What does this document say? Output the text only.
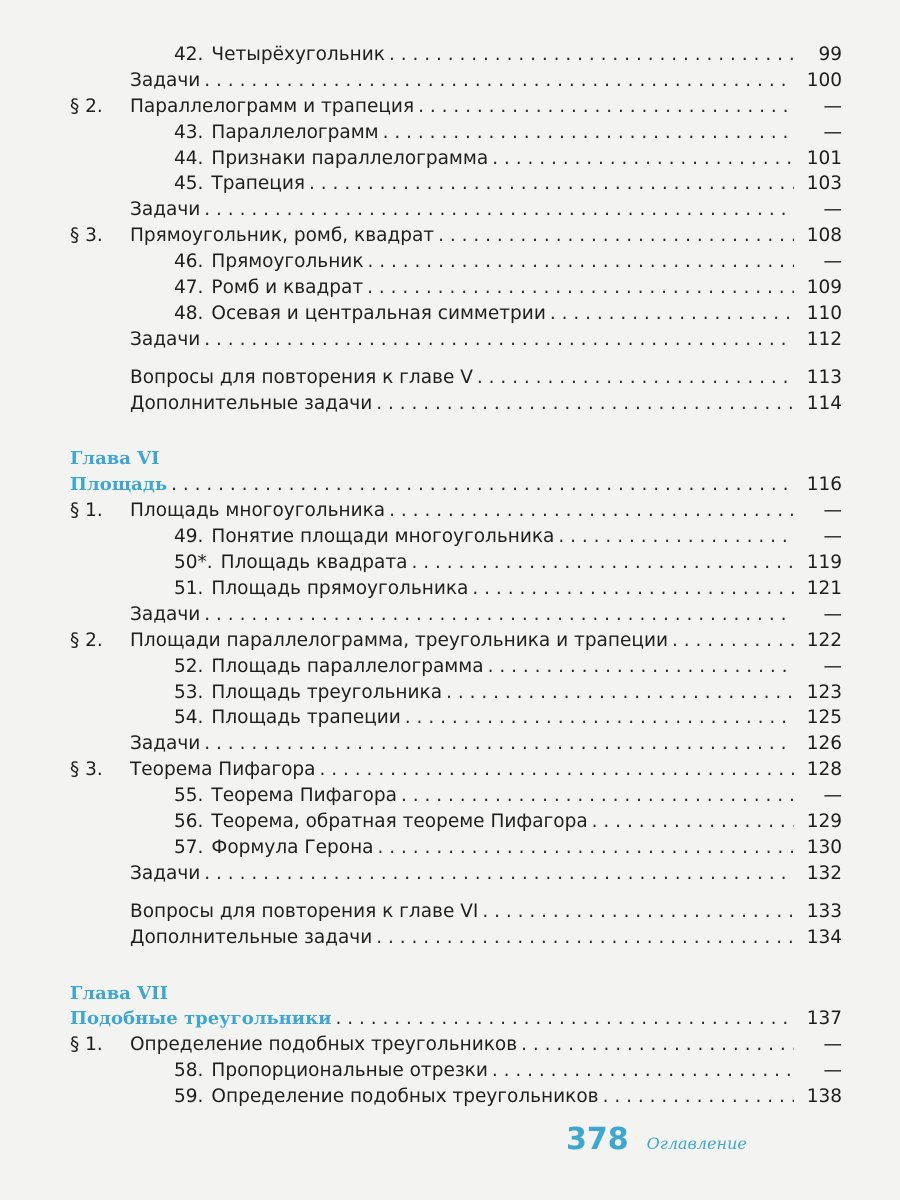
42. Четырёхугольник . . .	99
Задачи . . .	100
§ 2.	Параллелограмм и трапеция . . .	—
43. Параллелограмм . . .	—
44. Признаки параллелограмма . . .	101
45. Трапеция . . .	103
Задачи . . .	—
§ 3.	Прямоугольник, ромб, квадрат . . .	108
46. Прямоугольник . . .	—
47. Ромб и квадрат . . .	109
48. Осевая и центральная симметрии . . .	110
Задачи . . .	112
Вопросы для повторения к главе V . . .	113
Дополнительные задачи . . .	114
Глава VI
Площадь . . .	116
§ 1.	Площадь многоугольника . . .	—
49. Понятие площади многоугольника . . .	—
50*. Площадь квадрата . . .	119
51. Площадь прямоугольника . . .	121
Задачи . . .	—
§ 2.	Площади параллелограмма, треугольника и трапеции . . .	122
52. Площадь параллелограмма . . .	—
53. Площадь треугольника . . .	123
54. Площадь трапеции . . .	125
Задачи . . .	126
§ 3.	Теорема Пифагора . . .	128
55. Теорема Пифагора . . .	—
56. Теорема, обратная теореме Пифагора . . .	129
57. Формула Герона . . .	130
Задачи . . .	132
Вопросы для повторения к главе VI . . .	133
Дополнительные задачи . . .	134
Глава VII
Подобные треугольники . . .	137
§ 1.	Определение подобных треугольников . . .	—
58. Пропорциональные отрезки . . .	—
59. Определение подобных треугольников . . .	138
378 Оглавление
